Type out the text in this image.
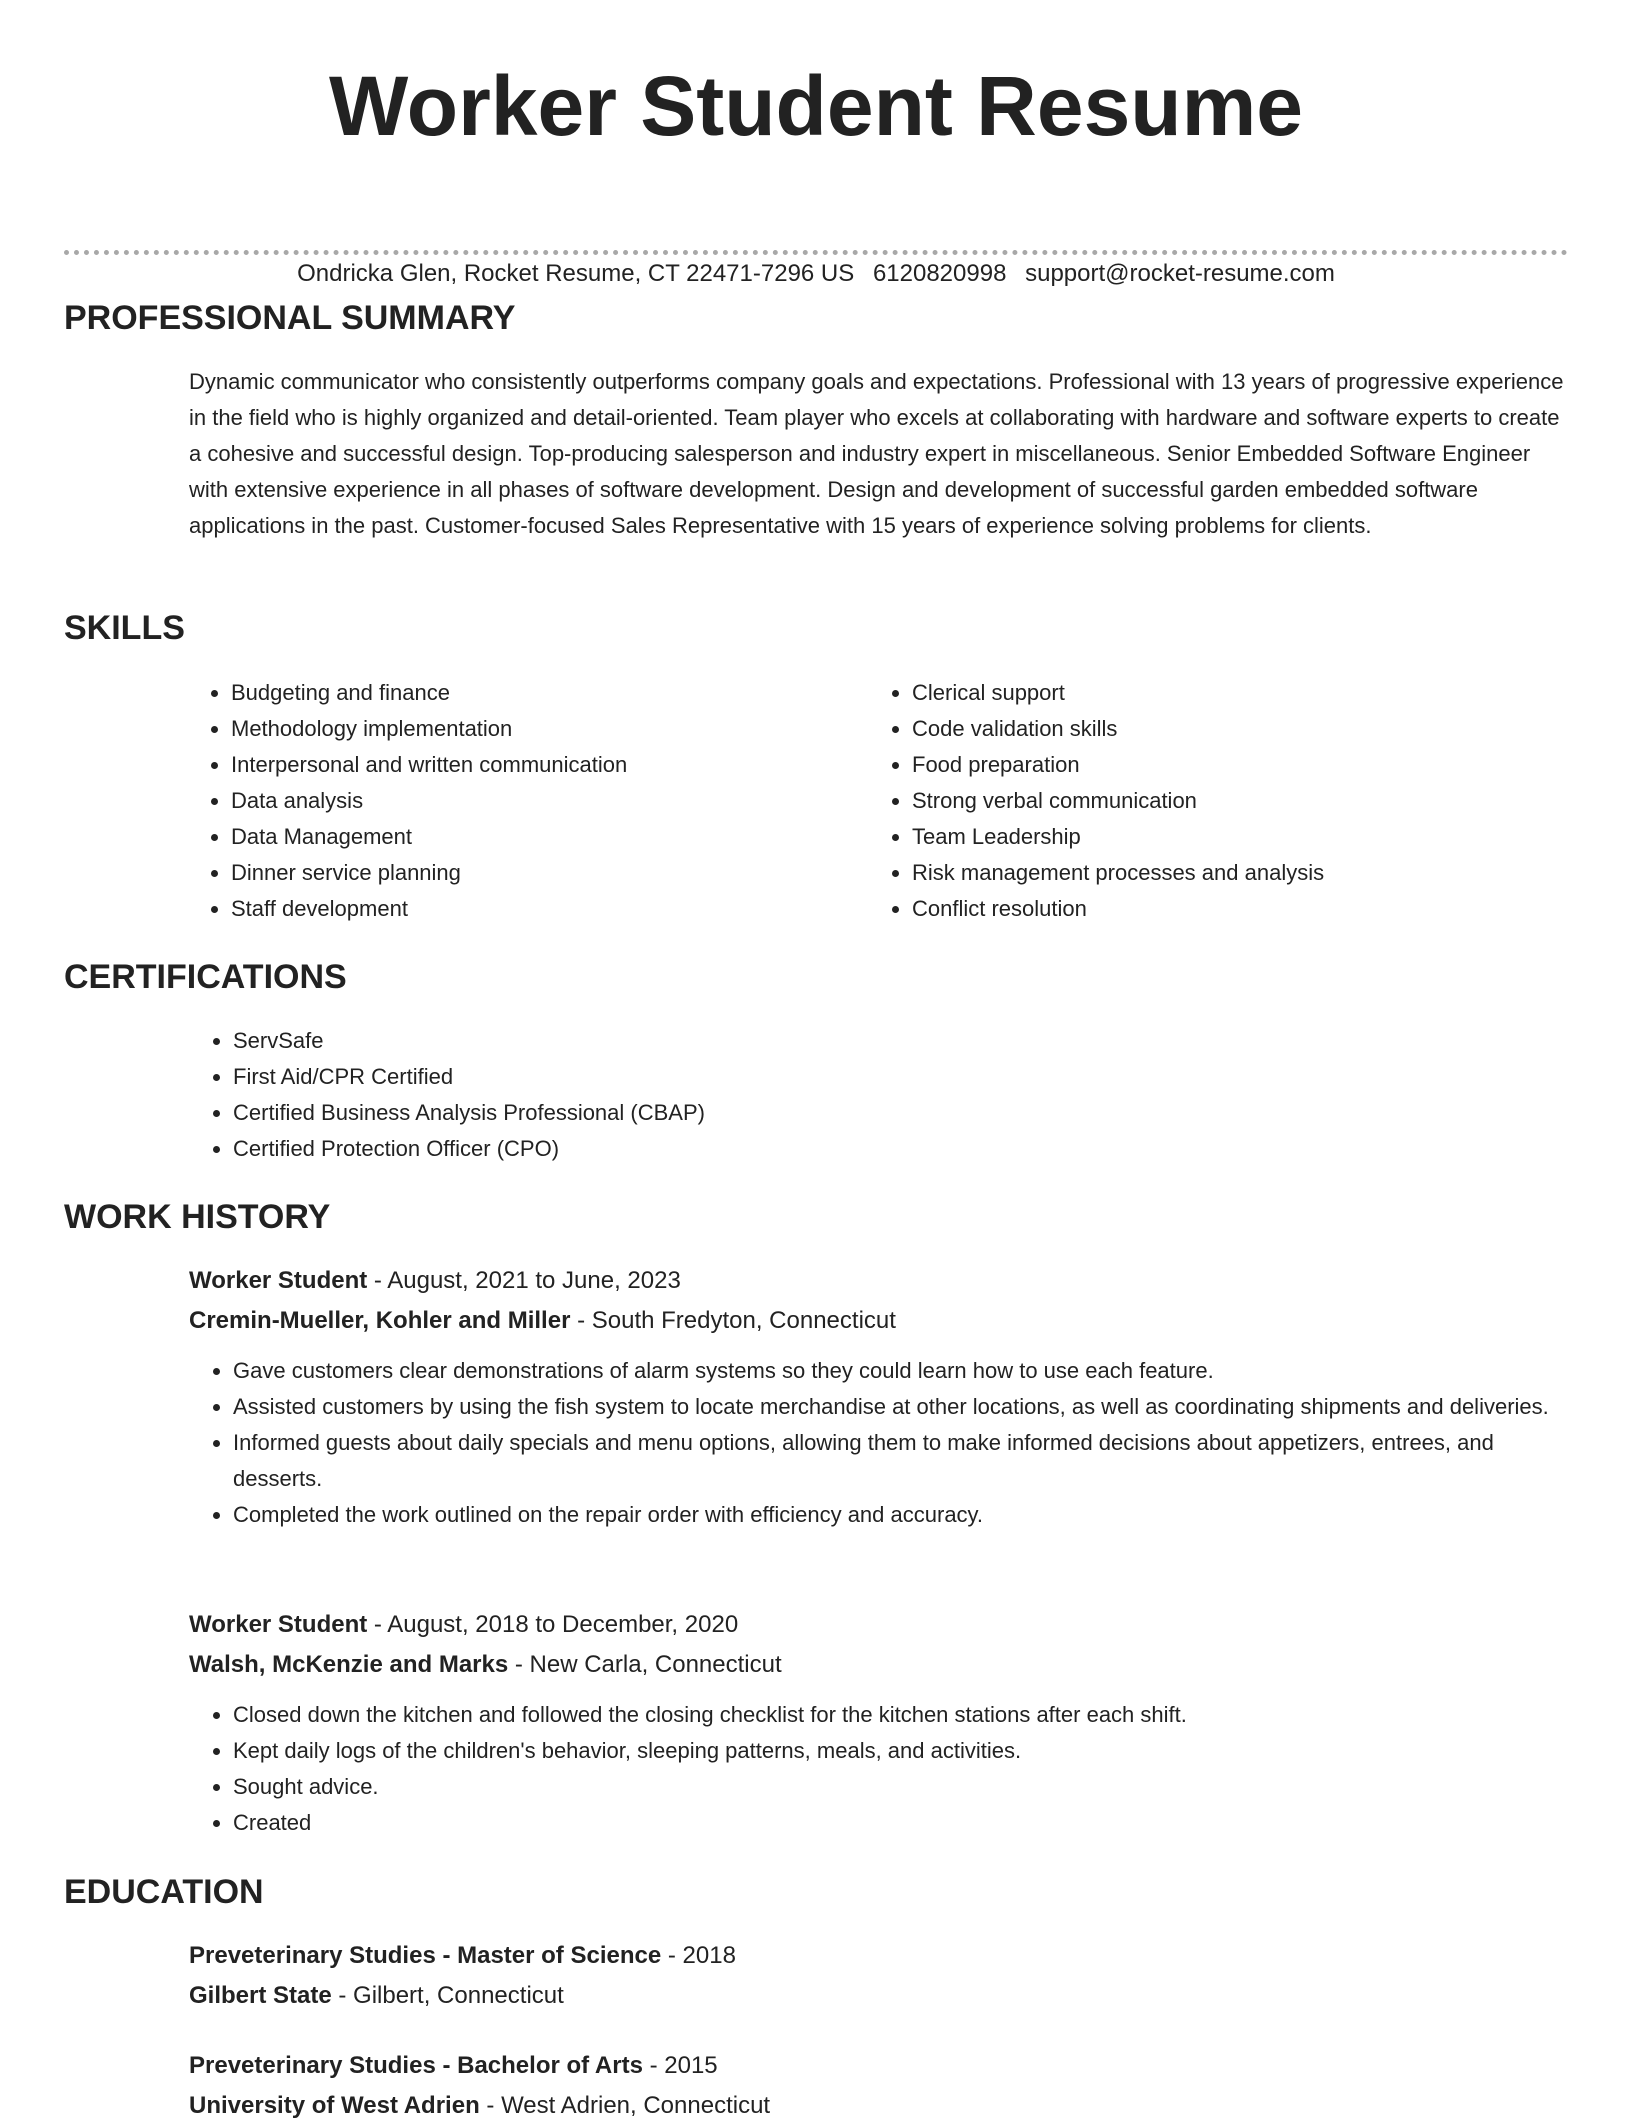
Worker Student Resume
Ondricka Glen, Rocket Resume, CT 22471-7296 US 6120820998 support@rocket-resume.com
PROFESSIONAL SUMMARY
Dynamic communicator who consistently outperforms company goals and expectations. Professional with 13 years of progressive experience in the field who is highly organized and detail-oriented. Team player who excels at collaborating with hardware and software experts to create a cohesive and successful design. Top-producing salesperson and industry expert in miscellaneous. Senior Embedded Software Engineer with extensive experience in all phases of software development. Design and development of successful garden embedded software applications in the past. Customer-focused Sales Representative with 15 years of experience solving problems for clients.
SKILLS
• Budgeting and finance
• Methodology implementation
• Interpersonal and written communication
• Data analysis
• Data Management
• Dinner service planning
• Staff development
• Clerical support
• Code validation skills
• Food preparation
• Strong verbal communication
• Team Leadership
• Risk management processes and analysis
• Conflict resolution
CERTIFICATIONS
• ServSafe
• First Aid/CPR Certified
• Certified Business Analysis Professional (CBAP)
• Certified Protection Officer (CPO)
WORK HISTORY
Worker Student - August, 2021 to June, 2023
Cremin-Mueller, Kohler and Miller - South Fredyton, Connecticut
• Gave customers clear demonstrations of alarm systems so they could learn how to use each feature.
• Assisted customers by using the fish system to locate merchandise at other locations, as well as coordinating shipments and deliveries.
• Informed guests about daily specials and menu options, allowing them to make informed decisions about appetizers, entrees, and desserts.
• Completed the work outlined on the repair order with efficiency and accuracy.
Worker Student - August, 2018 to December, 2020
Walsh, McKenzie and Marks - New Carla, Connecticut
• Closed down the kitchen and followed the closing checklist for the kitchen stations after each shift.
• Kept daily logs of the children's behavior, sleeping patterns, meals, and activities.
• Sought advice.
• Created
EDUCATION
Preveterinary Studies - Master of Science - 2018
Gilbert State - Gilbert, Connecticut
Preveterinary Studies - Bachelor of Arts - 2015
University of West Adrien - West Adrien, Connecticut
